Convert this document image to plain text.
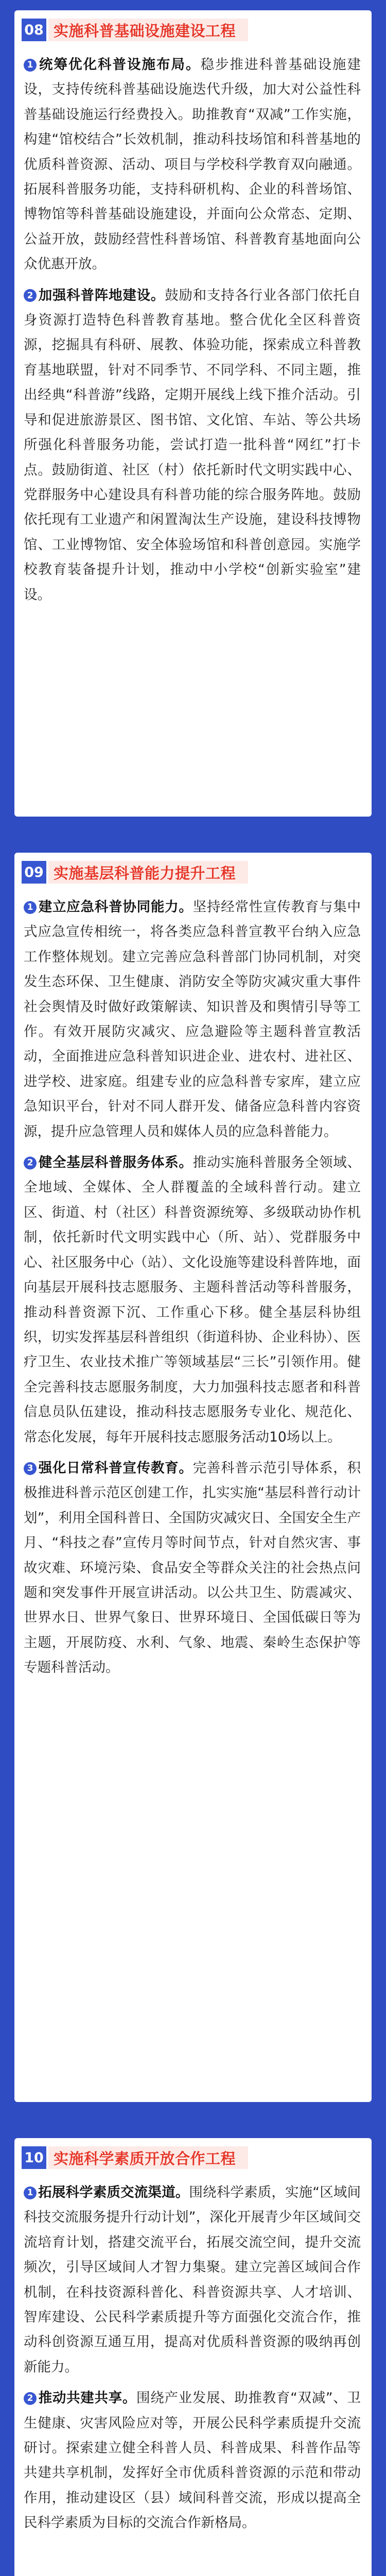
08 实施科普基础设施建设工程

1 统筹优化科普设施布局。稳步推进科普基础设施建设，支持传统科普基础设施迭代升级，加大对公益性科普基础设施运行经费投入。助推教育“双减”工作实施，构建“馆校结合”长效机制，推动科技场馆和科普基地的优质科普资源、活动、项目与学校科学教育双向融通。拓展科普服务功能，支持科研机构、企业的科普场馆、博物馆等科普基础设施建设，并面向公众常态、定期、公益开放，鼓励经营性科普场馆、科普教育基地面向公众优惠开放。

2 加强科普阵地建设。鼓励和支持各行业各部门依托自身资源打造特色科普教育基地。整合优化全区科普资源，挖掘具有科研、展教、体验功能，探索成立科普教育基地联盟，针对不同季节、不同学科、不同主题，推出经典“科普游”线路，定期开展线上线下推介活动。引导和促进旅游景区、图书馆、文化馆、车站、等公共场所强化科普服务功能，尝试打造一批科普“网红”打卡点。鼓励街道、社区（村）依托新时代文明实践中心、党群服务中心建设具有科普功能的综合服务阵地。鼓励依托现有工业遗产和闲置淘汰生产设施，建设科技博物馆、工业博物馆、安全体验场馆和科普创意园。实施学校教育装备提升计划，推动中小学校“创新实验室”建设。

09 实施基层科普能力提升工程

1 建立应急科普协同能力。坚持经常性宣传教育与集中式应急宣传相统一，将各类应急科普宣教平台纳入应急工作整体规划。建立完善应急科普部门协同机制，对突发生态环保、卫生健康、消防安全等防灾减灾重大事件社会舆情及时做好政策解读、知识普及和舆情引导等工作。有效开展防灾减灾、应急避险等主题科普宣教活动，全面推进应急科普知识进企业、进农村、进社区、进学校、进家庭。组建专业的应急科普专家库，建立应急知识平台，针对不同人群开发、储备应急科普内容资源，提升应急管理人员和媒体人员的应急科普能力。

2 健全基层科普服务体系。推动实施科普服务全领域、全地域、全媒体、全人群覆盖的全域科普行动。建立区、街道、村（社区）科普资源统筹、多级联动协作机制，依托新时代文明实践中心（所、站）、党群服务中心、社区服务中心（站）、文化设施等建设科普阵地，面向基层开展科技志愿服务、主题科普活动等科普服务，推动科普资源下沉、工作重心下移。健全基层科协组织，切实发挥基层科普组织（街道科协、企业科协）、医疗卫生、农业技术推广等领域基层“三长”引领作用。健全完善科技志愿服务制度，大力加强科技志愿者和科普信息员队伍建设，推动科技志愿服务专业化、规范化、常态化发展，每年开展科技志愿服务活动10场以上。

3 强化日常科普宣传教育。完善科普示范引导体系，积极推进科普示范区创建工作，扎实实施“基层科普行动计划”，利用全国科普日、全国防灾减灾日、全国安全生产月、“科技之春”宣传月等时间节点，针对自然灾害、事故灾难、环境污染、食品安全等群众关注的社会热点问题和突发事件开展宣讲活动。以公共卫生、防震减灾、世界水日、世界气象日、世界环境日、全国低碳日等为主题，开展防疫、水利、气象、地震、秦岭生态保护等专题科普活动。

10 实施科学素质开放合作工程

1 拓展科学素质交流渠道。围绕科学素质，实施“区域间科技交流服务提升行动计划”，深化开展青少年区域间交流培育计划，搭建交流平台，拓展交流空间，提升交流频次，引导区域间人才智力集聚。建立完善区域间合作机制，在科技资源科普化、科普资源共享、人才培训、智库建设、公民科学素质提升等方面强化交流合作，推动科创资源互通互用，提高对优质科普资源的吸纳再创新能力。

2 推动共建共享。围绕产业发展、助推教育“双减”、卫生健康、灾害风险应对等，开展公民科学素质提升交流研讨。探索建立健全科普人员、科普成果、科普作品等共建共享机制，发挥好全市优质科普资源的示范和带动作用，推动建设区（县）域间科普交流，形成以提高全民科学素质为目标的交流合作新格局。
